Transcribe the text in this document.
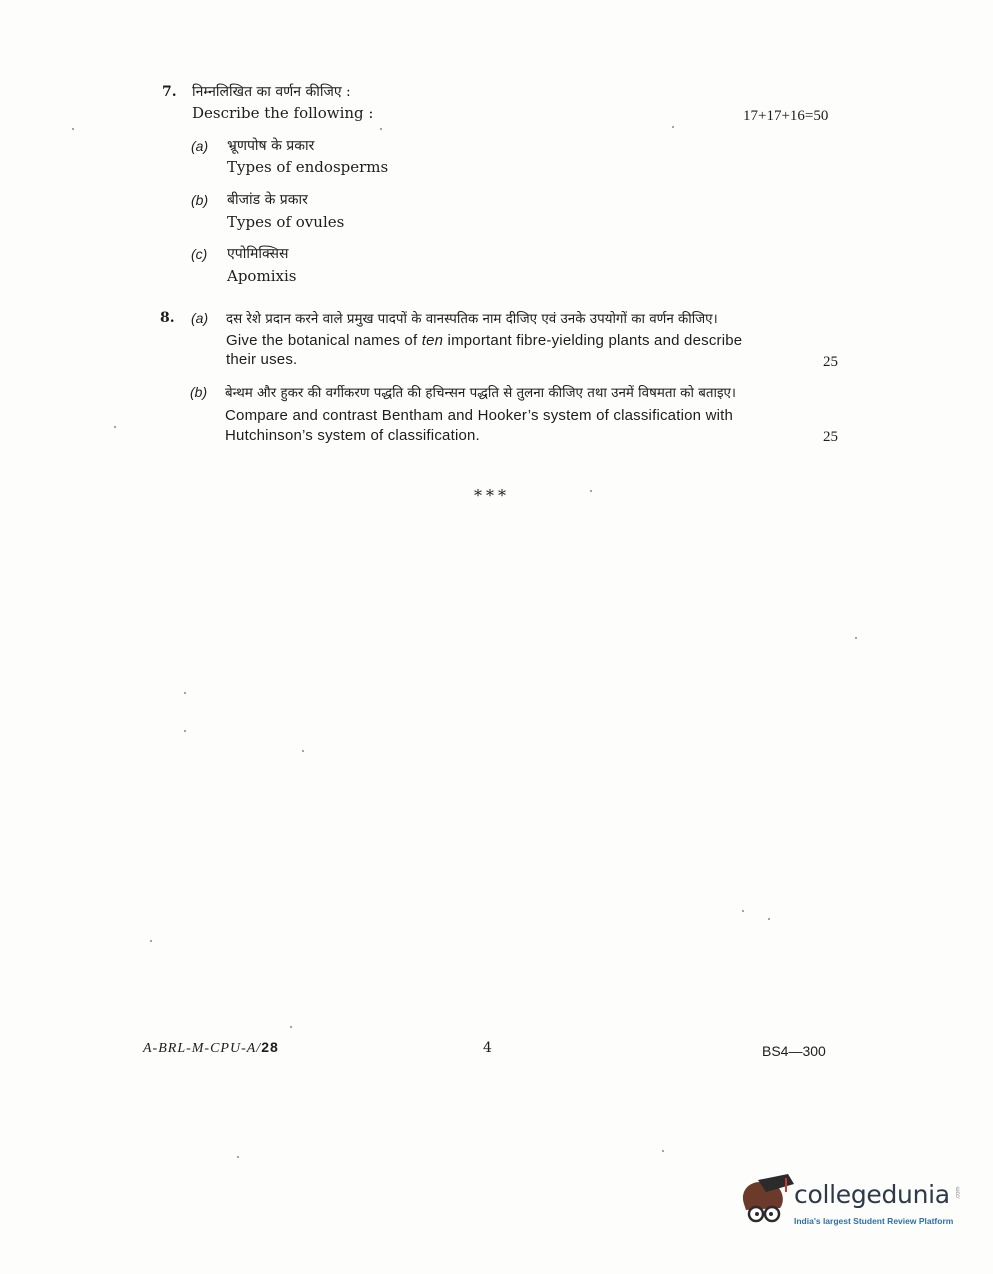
7. निम्नलिखित का वर्णन कीजिए :
Describe the following :	17+17+16=50
(a) भ्रूणपोष के प्रकार
Types of endosperms
(b) बीजांड के प्रकार
Types of ovules
(c) एपोमिक्सिस
Apomixis
8. (a) दस रेशे प्रदान करने वाले प्रमुख पादपों के वानस्पतिक नाम दीजिए एवं उनके उपयोगों का वर्णन कीजिए।
Give the botanical names of ten important fibre-yielding plants and describe
their uses.	25
(b) बेन्थम और हुकर की वर्गीकरण पद्धति की हचिन्सन पद्धति से तुलना कीजिए तथा उनमें विषमता को बताइए।
Compare and contrast Bentham and Hooker’s system of classification with
Hutchinson’s system of classification.	25
***
A-BRL-M-CPU-A/28	4	BS4—300
collegedunia .com
India's largest Student Review Platform
